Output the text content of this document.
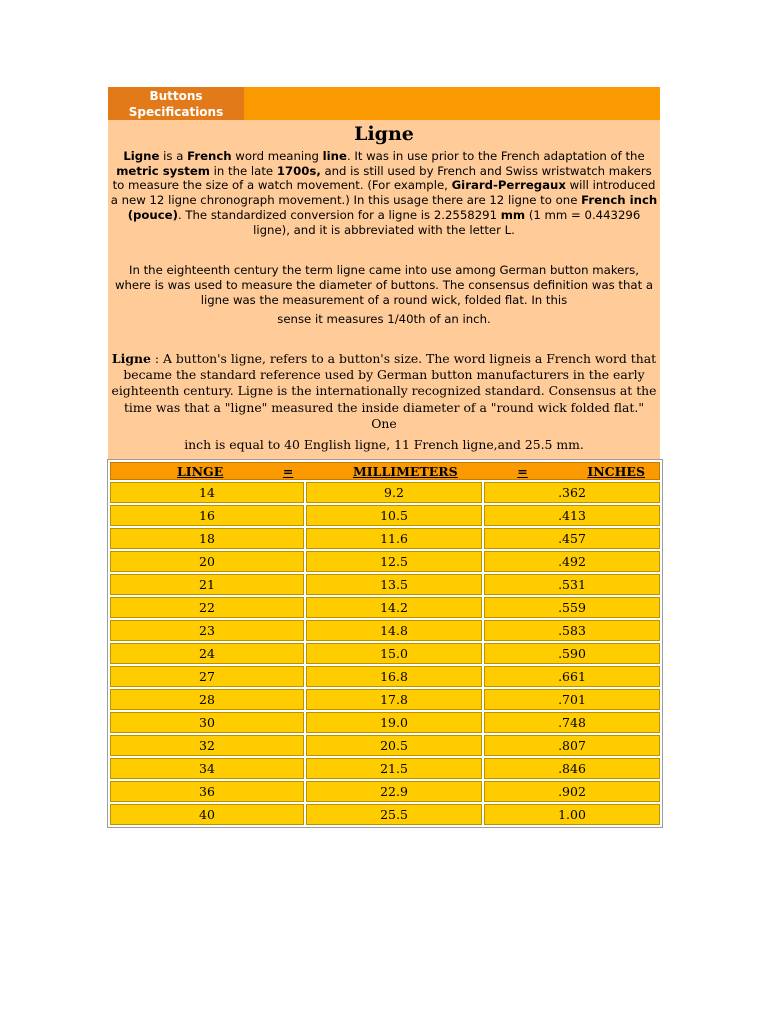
Buttons
Specifications
Ligne

Ligne is a French word meaning line. It was in use prior to the French adaptation of the metric system in the late 1700s, and is still used by French and Swiss wristwatch makers to measure the size of a watch movement. (For example, Girard-Perregaux will introduced a new 12 ligne chronograph movement.) In this usage there are 12 ligne to one French inch (pouce). The standardized conversion for a ligne is 2.2558291 mm (1 mm = 0.443296 ligne), and it is abbreviated with the letter L.

In the eighteenth century the term ligne came into use among German button makers, where is was used to measure the diameter of buttons. The consensus definition was that a ligne was the measurement of a round wick, folded flat. In this
sense it measures 1/40th of an inch.

Ligne : A button's ligne, refers to a button's size. The word ligneis a French word that became the standard reference used by German button manufacturers in the early eighteenth century. Ligne is the internationally recognized standard. Consensus at the time was that a "ligne" measured the inside diameter of a "round wick folded flat." One
inch is equal to 40 English ligne, 11 French ligne,and 25.5 mm.

LINGE = MILLIMETERS = INCHES		

14	9.2	.362
16	10.5	.413
18	11.6	.457
20	12.5	.492
21	13.5	.531
22	14.2	.559
23	14.8	.583
24	15.0	.590
27	16.8	.661
28	17.8	.701
30	19.0	.748
32	20.5	.807
34	21.5	.846
36	22.9	.902
40	25.5	1.00
